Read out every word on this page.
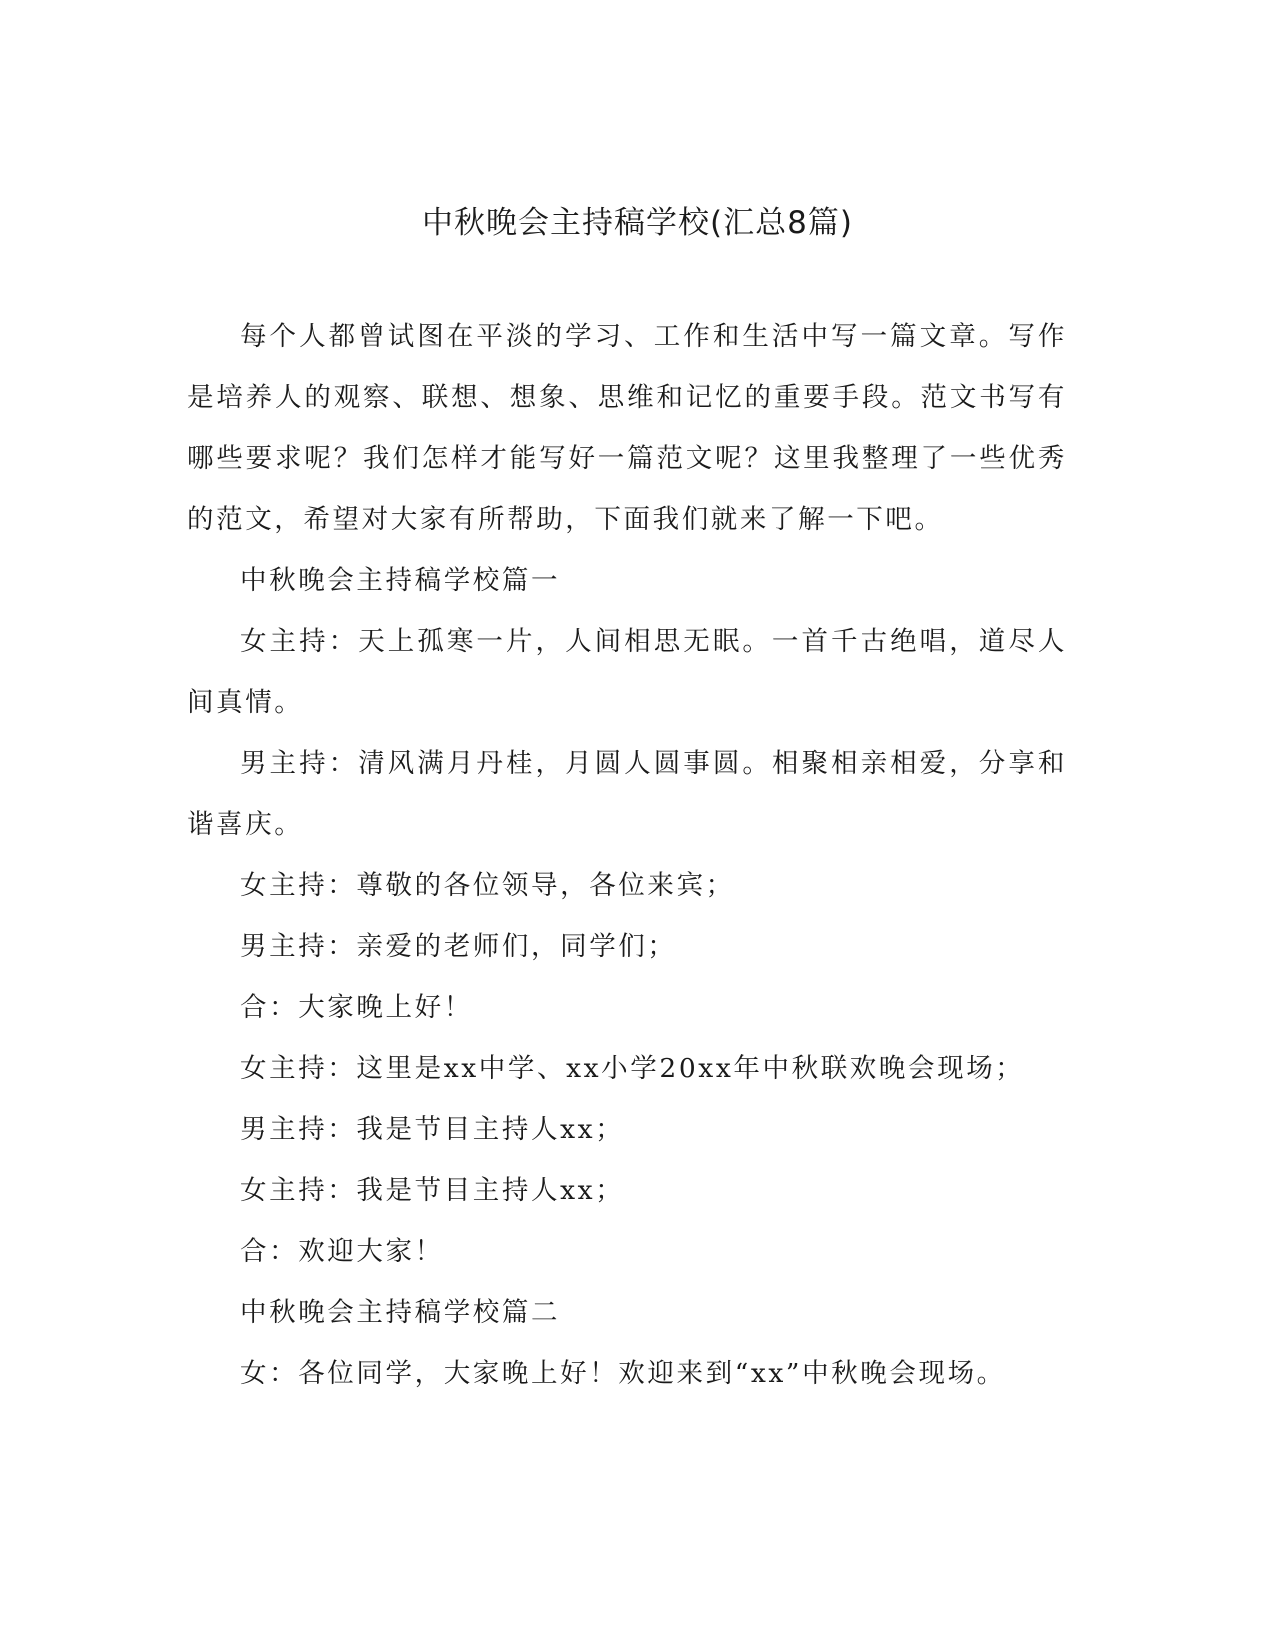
中秋晚会主持稿学校(汇总8篇)

每个人都曾试图在平淡的学习、工作和生活中写一篇文章。写作是培养人的观察、联想、想象、思维和记忆的重要手段。范文书写有哪些要求呢？我们怎样才能写好一篇范文呢？这里我整理了一些优秀的范文，希望对大家有所帮助，下面我们就来了解一下吧。

中秋晚会主持稿学校篇一

女主持：天上孤寒一片，人间相思无眠。一首千古绝唱，道尽人间真情。

男主持：清风满月丹桂，月圆人圆事圆。相聚相亲相爱，分享和谐喜庆。

女主持：尊敬的各位领导，各位来宾；

男主持：亲爱的老师们，同学们；

合：大家晚上好！

女主持：这里是xx中学、xx小学20xx年中秋联欢晚会现场；

男主持：我是节目主持人xx；

女主持：我是节目主持人xx；

合：欢迎大家！

中秋晚会主持稿学校篇二

女：各位同学，大家晚上好！欢迎来到“xx”中秋晚会现场。
